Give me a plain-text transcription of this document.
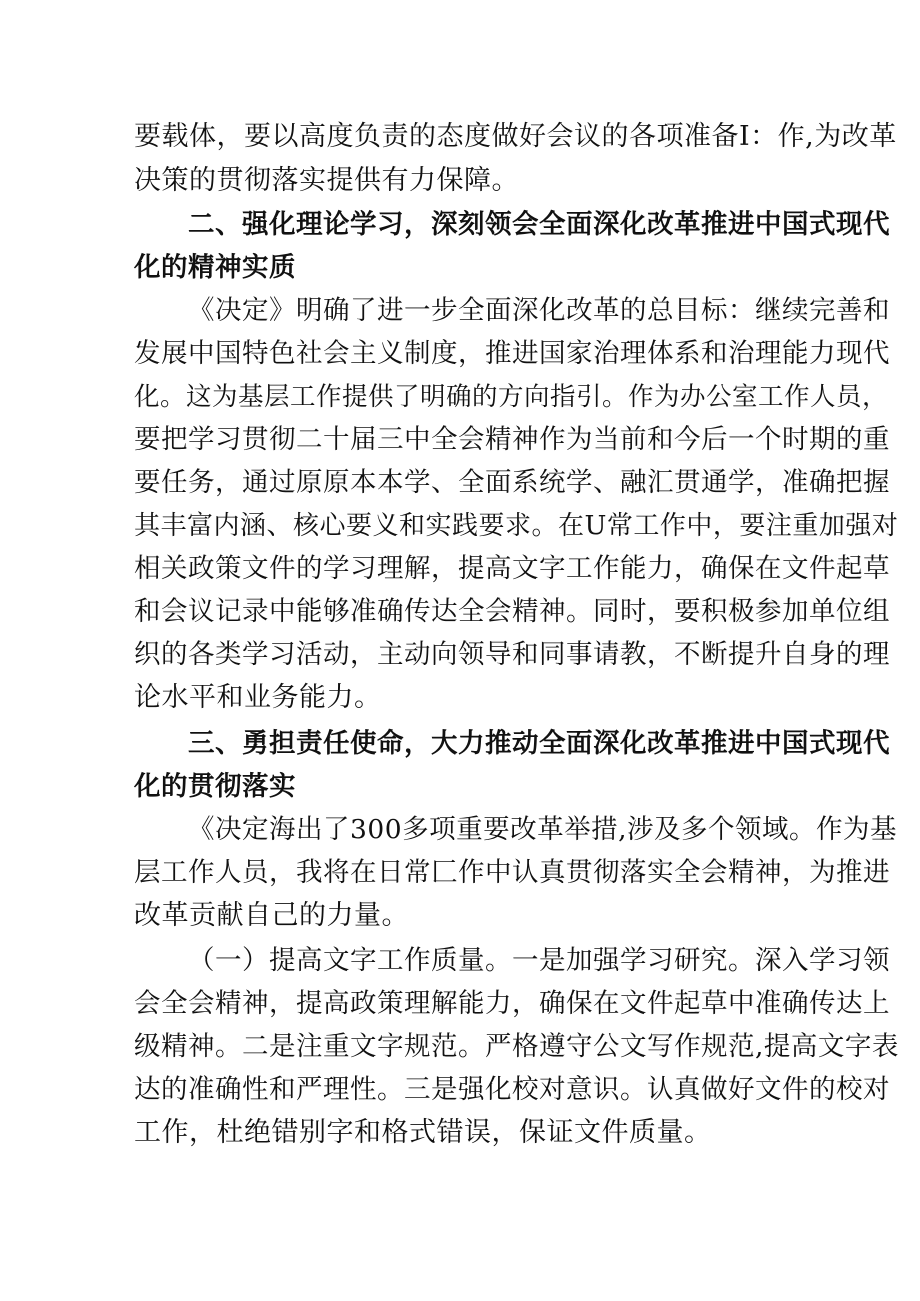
要载体，要以高度负责的态度做好会议的各项准备I：作,为改革
决策的贯彻落实提供有力保障。
二、强化理论学习，深刻领会全面深化改革推进中国式现代
化的精神实质
《决定》明确了进一步全面深化改革的总目标：继续完善和
发展中国特色社会主义制度，推进国家治理体系和治理能力现代
化。这为基层工作提供了明确的方向指引。作为办公室工作人员，
要把学习贯彻二十届三中全会精神作为当前和今后一个时期的重
要任务，通过原原本本学、全面系统学、融汇贯通学，准确把握
其丰富内涵、核心要义和实践要求。在U常工作中，要注重加强对
相关政策文件的学习理解，提高文字工作能力，确保在文件起草
和会议记录中能够准确传达全会精神。同时，要积极参加单位组
织的各类学习活动，主动向领导和同事请教，不断提升自身的理
论水平和业务能力。
三、勇担责任使命，大力推动全面深化改革推进中国式现代
化的贯彻落实
《决定海出了300多项重要改革举措,涉及多个领域。作为基
层工作人员，我将在日常匚作中认真贯彻落实全会精神，为推进
改革贡献自己的力量。
（一）提高文字工作质量。一是加强学习研究。深入学习领
会全会精神，提高政策理解能力，确保在文件起草中准确传达上
级精神。二是注重文字规范。严格遵守公文写作规范,提高文字表
达的准确性和严理性。三是强化校对意识。认真做好文件的校对
工作，杜绝错别字和格式错误，保证文件质量。
